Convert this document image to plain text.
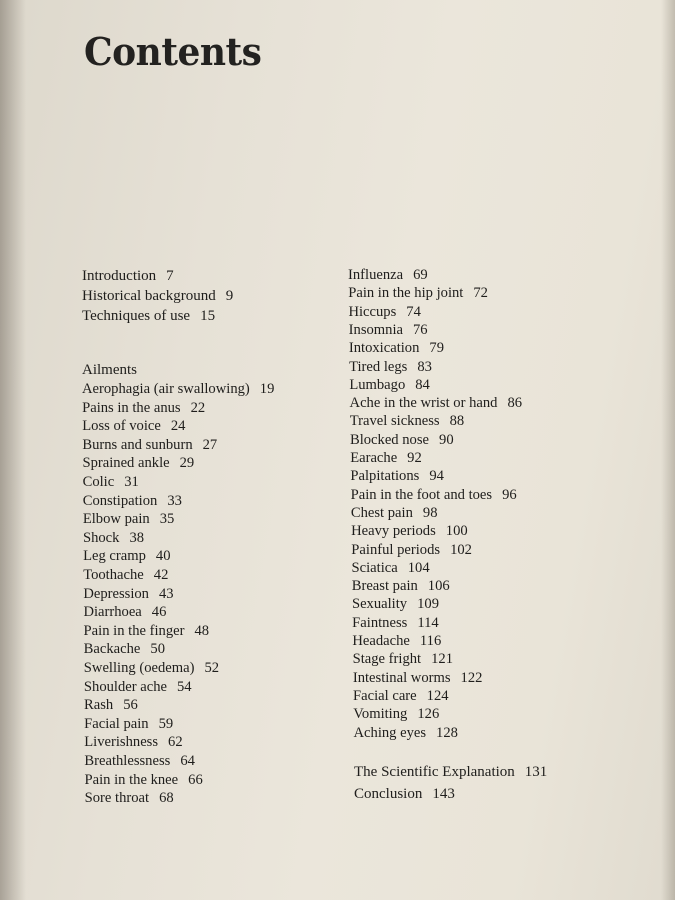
Contents
Introduction 7
Historical background 9
Techniques of use 15
Ailments
Aerophagia (air swallowing) 19
Pains in the anus 22
Loss of voice 24
Burns and sunburn 27
Sprained ankle 29
Colic 31
Constipation 33
Elbow pain 35
Shock 38
Leg cramp 40
Toothache 42
Depression 43
Diarrhoea 46
Pain in the finger 48
Backache 50
Swelling (oedema) 52
Shoulder ache 54
Rash 56
Facial pain 59
Liverishness 62
Breathlessness 64
Pain in the knee 66
Sore throat 68
Influenza 69
Pain in the hip joint 72
Hiccups 74
Insomnia 76
Intoxication 79
Tired legs 83
Lumbago 84
Ache in the wrist or hand 86
Travel sickness 88
Blocked nose 90
Earache 92
Palpitations 94
Pain in the foot and toes 96
Chest pain 98
Heavy periods 100
Painful periods 102
Sciatica 104
Breast pain 106
Sexuality 109
Faintness 114
Headache 116
Stage fright 121
Intestinal worms 122
Facial care 124
Vomiting 126
Aching eyes 128
The Scientific Explanation 131
Conclusion 143
